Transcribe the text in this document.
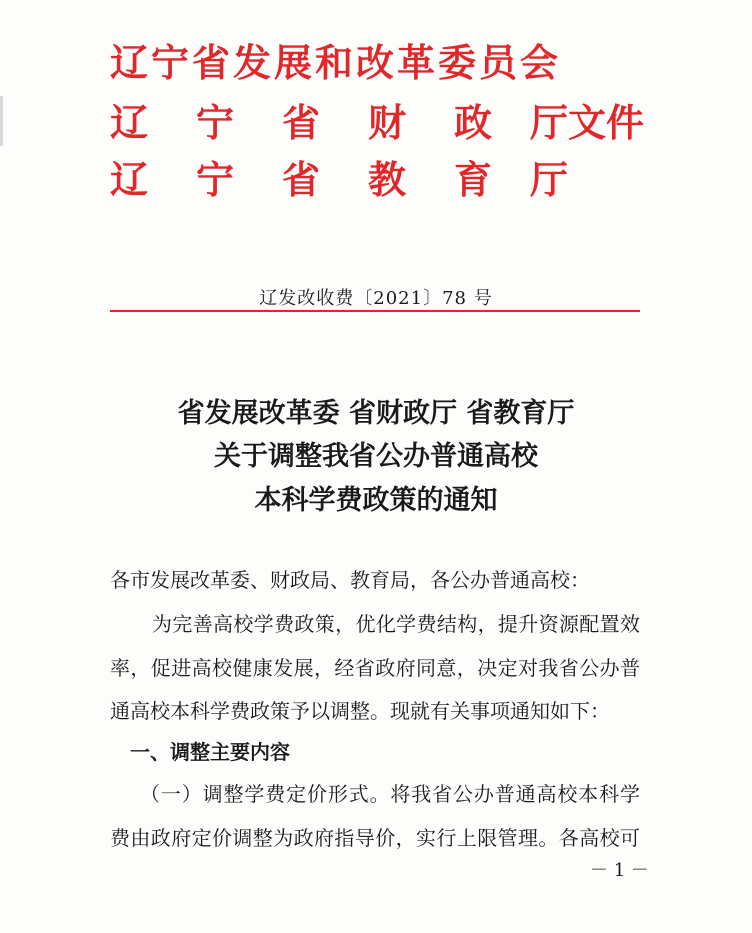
辽宁省发展和改革委员会
辽 宁 省 财 政 厅文件
辽 宁 省 教 育 厅
辽发改收费〔2021〕78 号
省发展改革委 省财政厅 省教育厅
关于调整我省公办普通高校
本科学费政策的通知
各市发展改革委、财政局、教育局，各公办普通高校：
为完善高校学费政策，优化学费结构，提升资源配置效
率，促进高校健康发展，经省政府同意，决定对我省公办普
通高校本科学费政策予以调整。现就有关事项通知如下：
一、调整主要内容
（一）调整学费定价形式。将我省公办普通高校本科学
费由政府定价调整为政府指导价，实行上限管理。各高校可
－ 1 －
